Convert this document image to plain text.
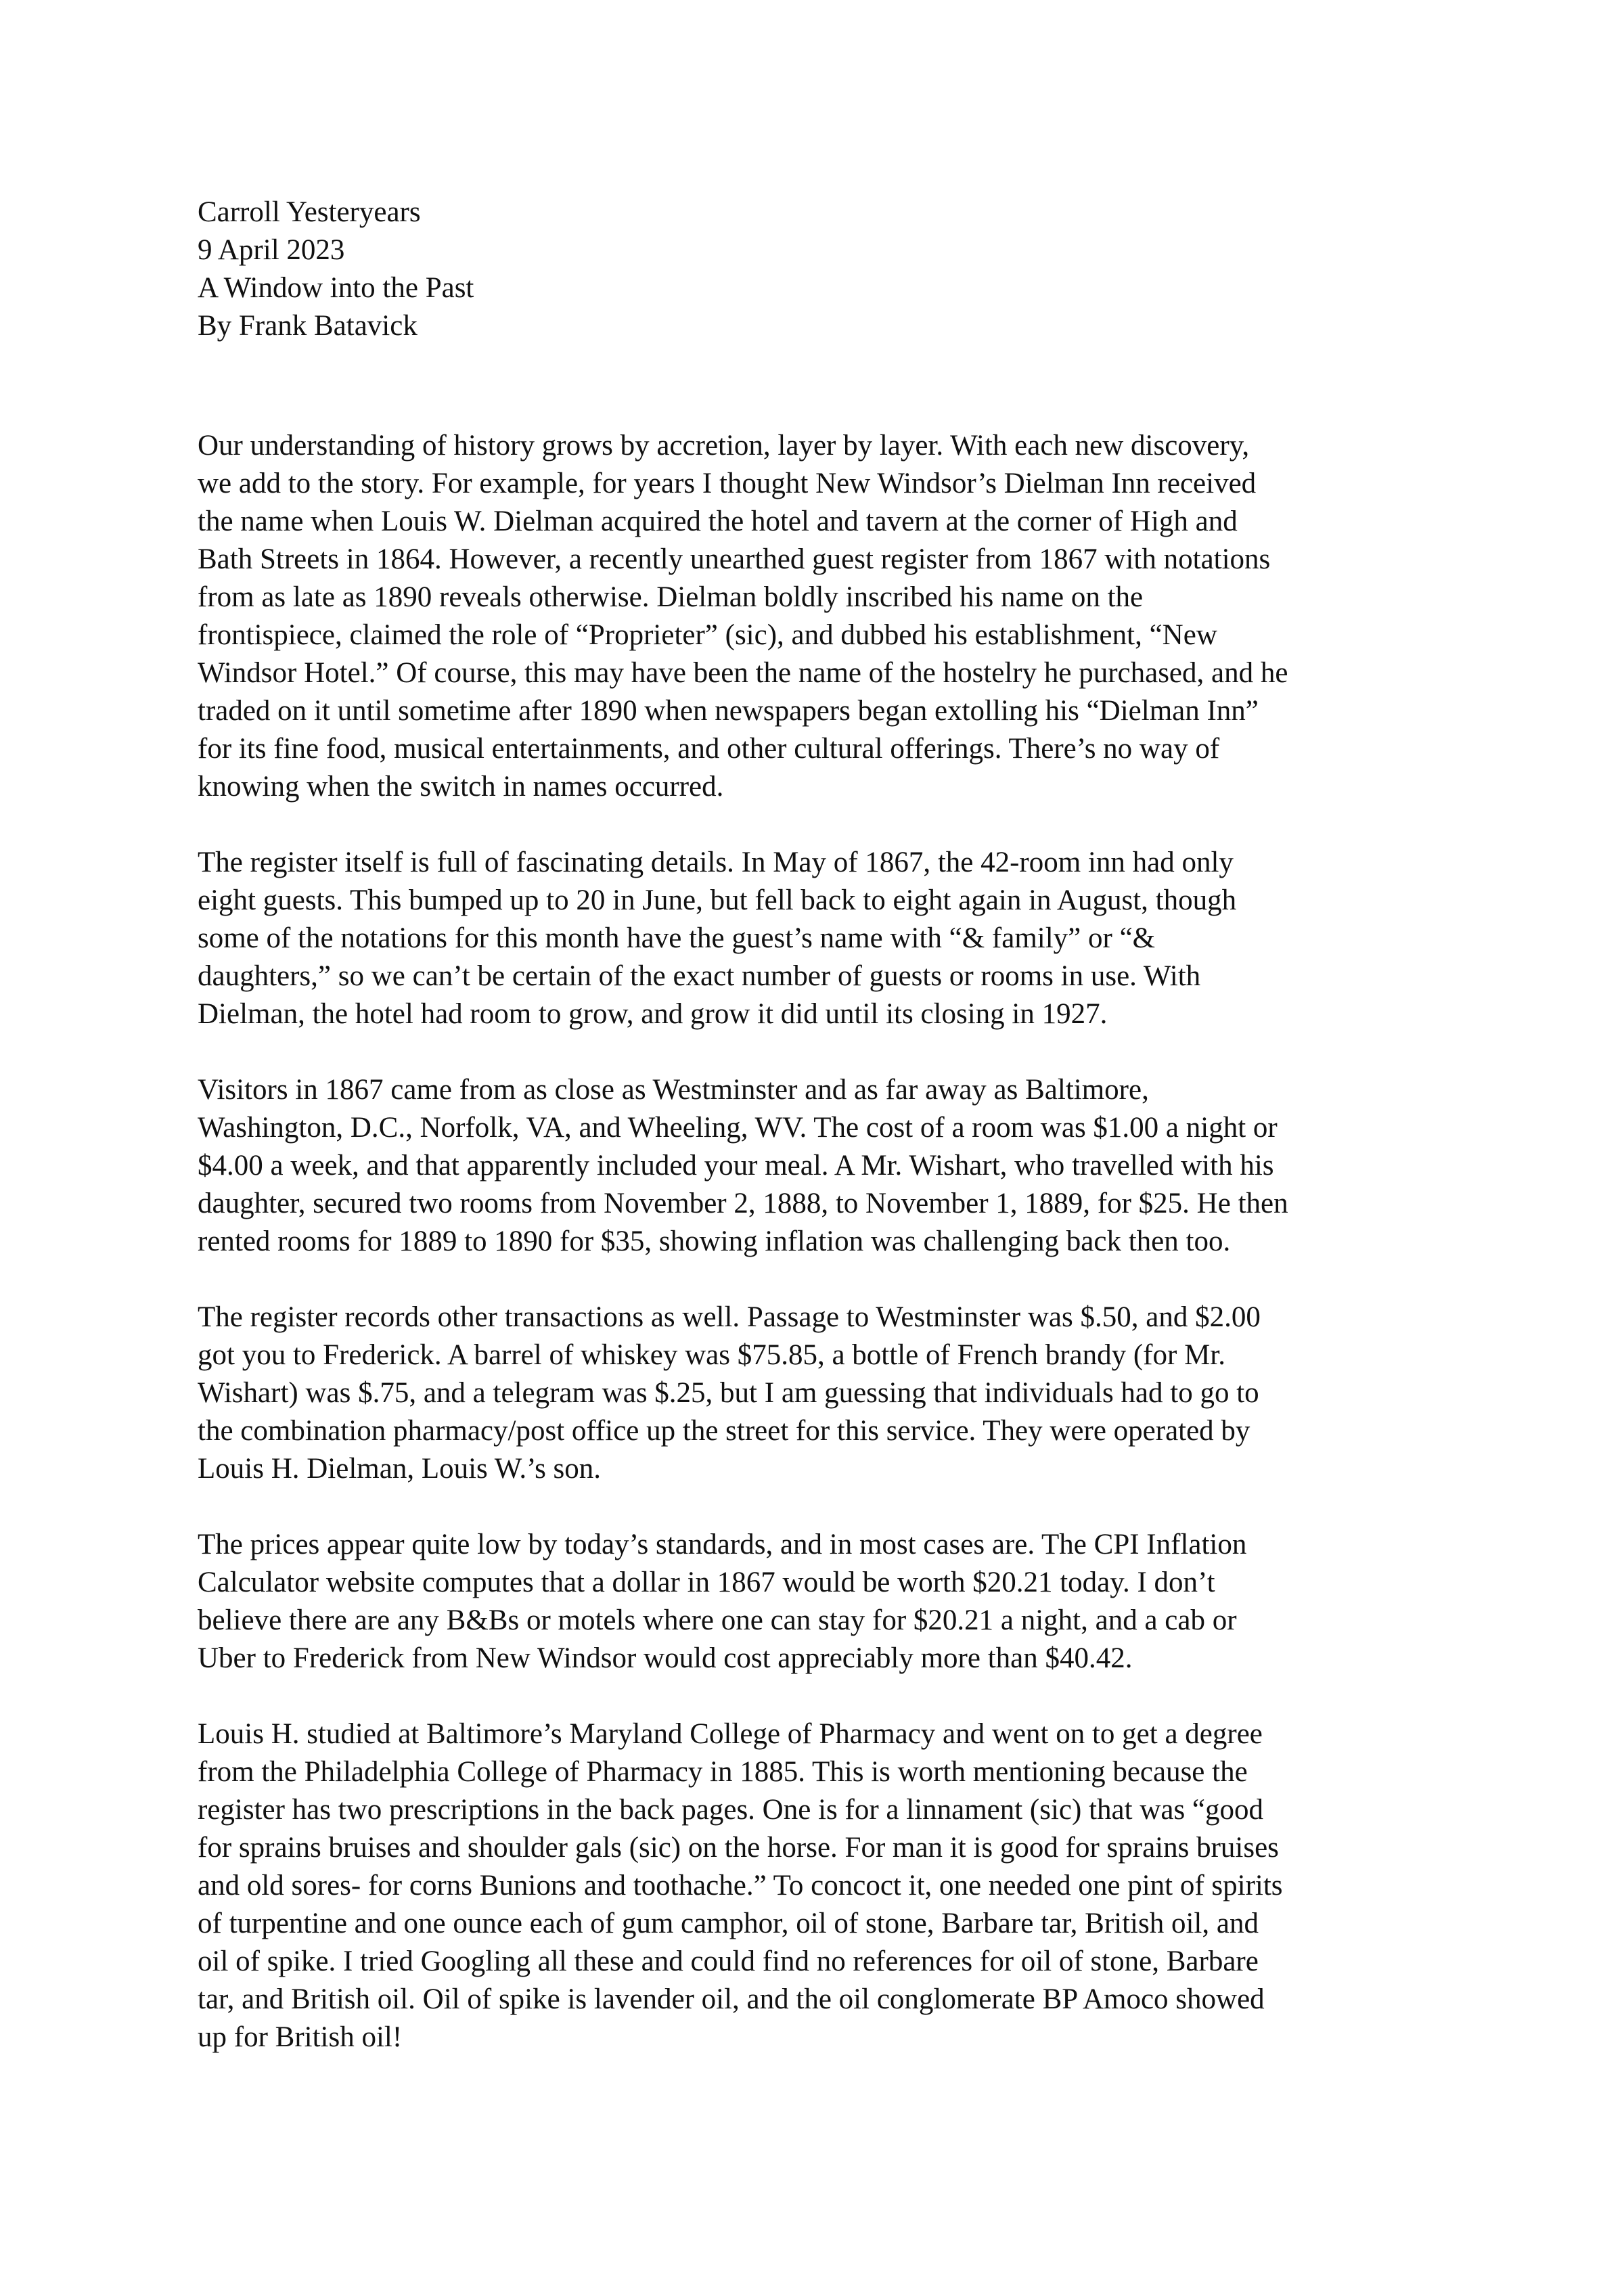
Carroll Yesteryears

9 April 2023

A Window into the Past

By Frank Batavick

Our understanding of history grows by accretion, layer by layer. With each new discovery,
we add to the story. For example, for years I thought New Windsor’s Dielman Inn received
the name when Louis W. Dielman acquired the hotel and tavern at the corner of High and
Bath Streets in 1864. However, a recently unearthed guest register from 1867 with notations
from as late as 1890 reveals otherwise. Dielman boldly inscribed his name on the
frontispiece, claimed the role of “Proprieter” (sic), and dubbed his establishment, “New
Windsor Hotel.” Of course, this may have been the name of the hostelry he purchased, and he
traded on it until sometime after 1890 when newspapers began extolling his “Dielman Inn”
for its fine food, musical entertainments, and other cultural offerings. There’s no way of
knowing when the switch in names occurred.

The register itself is full of fascinating details. In May of 1867, the 42-room inn had only
eight guests. This bumped up to 20 in June, but fell back to eight again in August, though
some of the notations for this month have the guest’s name with “& family” or “&
daughters,” so we can’t be certain of the exact number of guests or rooms in use. With
Dielman, the hotel had room to grow, and grow it did until its closing in 1927.

Visitors in 1867 came from as close as Westminster and as far away as Baltimore,
Washington, D.C., Norfolk, VA, and Wheeling, WV. The cost of a room was $1.00 a night or
$4.00 a week, and that apparently included your meal. A Mr. Wishart, who travelled with his
daughter, secured two rooms from November 2, 1888, to November 1, 1889, for $25. He then
rented rooms for 1889 to 1890 for $35, showing inflation was challenging back then too.

The register records other transactions as well. Passage to Westminster was $.50, and $2.00
got you to Frederick. A barrel of whiskey was $75.85, a bottle of French brandy (for Mr.
Wishart) was $.75, and a telegram was $.25, but I am guessing that individuals had to go to
the combination pharmacy/post office up the street for this service. They were operated by
Louis H. Dielman, Louis W.’s son.

The prices appear quite low by today’s standards, and in most cases are. The CPI Inflation
Calculator website computes that a dollar in 1867 would be worth $20.21 today. I don’t
believe there are any B&Bs or motels where one can stay for $20.21 a night, and a cab or
Uber to Frederick from New Windsor would cost appreciably more than $40.42.

Louis H. studied at Baltimore’s Maryland College of Pharmacy and went on to get a degree
from the Philadelphia College of Pharmacy in 1885. This is worth mentioning because the
register has two prescriptions in the back pages. One is for a linnament (sic) that was “good
for sprains bruises and shoulder gals (sic) on the horse. For man it is good for sprains bruises
and old sores- for corns Bunions and toothache.” To concoct it, one needed one pint of spirits
of turpentine and one ounce each of gum camphor, oil of stone, Barbare tar, British oil, and
oil of spike. I tried Googling all these and could find no references for oil of stone, Barbare
tar, and British oil. Oil of spike is lavender oil, and the oil conglomerate BP Amoco showed
up for British oil!
